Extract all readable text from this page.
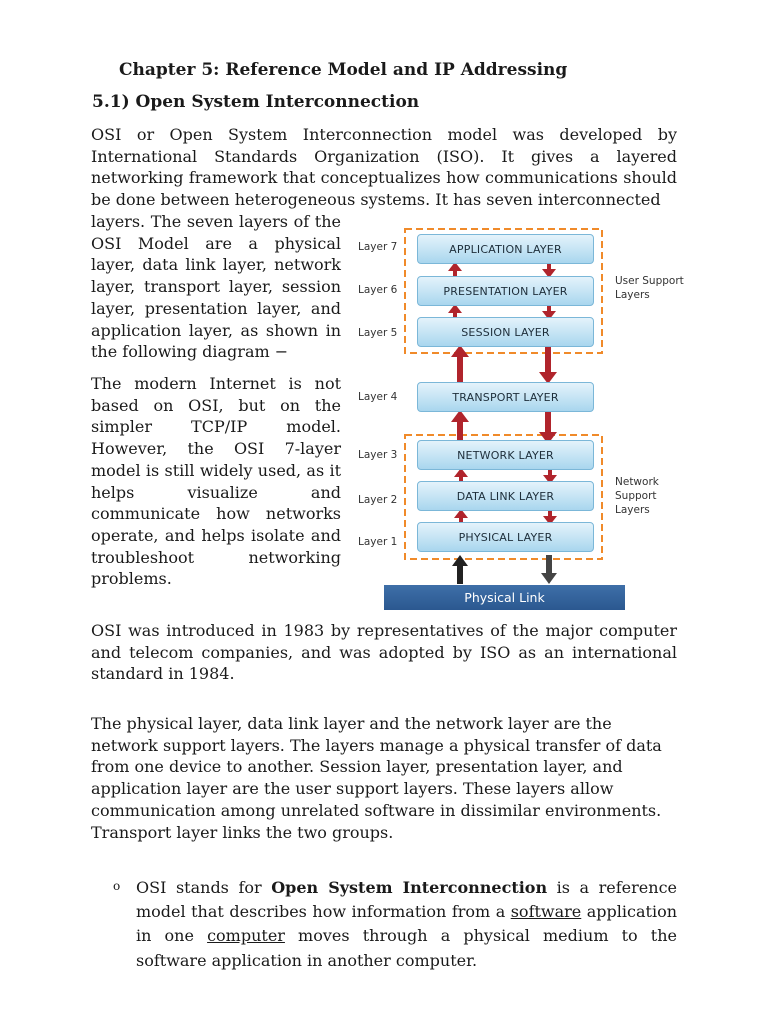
Chapter 5: Reference Model and IP Addressing
5.1) Open System Interconnection
OSI or Open System Interconnection model was developed by International Standards Organization (ISO). It gives a layered networking framework that conceptualizes how communications should be done between heterogeneous systems. It has seven interconnected
layers. The seven layers of the OSI Model are a physical layer, data link layer, network layer, transport layer, session layer, presentation layer, and application layer, as shown in the following diagram −
The modern Internet is not based on OSI, but on the simpler TCP/IP model. However, the OSI 7-layer model is still widely used, as it helps visualize and communicate how networks operate, and helps isolate and troubleshoot networking problems.
Layer 7	APPLICATION LAYER
Layer 6	PRESENTATION LAYER
Layer 5	SESSION LAYER
Layer 4	TRANSPORT LAYER
Layer 3	NETWORK LAYER
Layer 2	DATA LINK LAYER
Layer 1	PHYSICAL LAYER
User Support Layers
Network Support Layers
Physical Link
OSI was introduced in 1983 by representatives of the major computer and telecom companies, and was adopted by ISO as an international standard in 1984.
The physical layer, data link layer and the network layer are the network support layers. The layers manage a physical transfer of data from one device to another. Session layer, presentation layer, and application layer are the user support layers. These layers allow communication among unrelated software in dissimilar environments. Transport layer links the two groups.
o OSI stands for Open System Interconnection is a reference model that describes how information from a software application in one computer moves through a physical medium to the software application in another computer.
